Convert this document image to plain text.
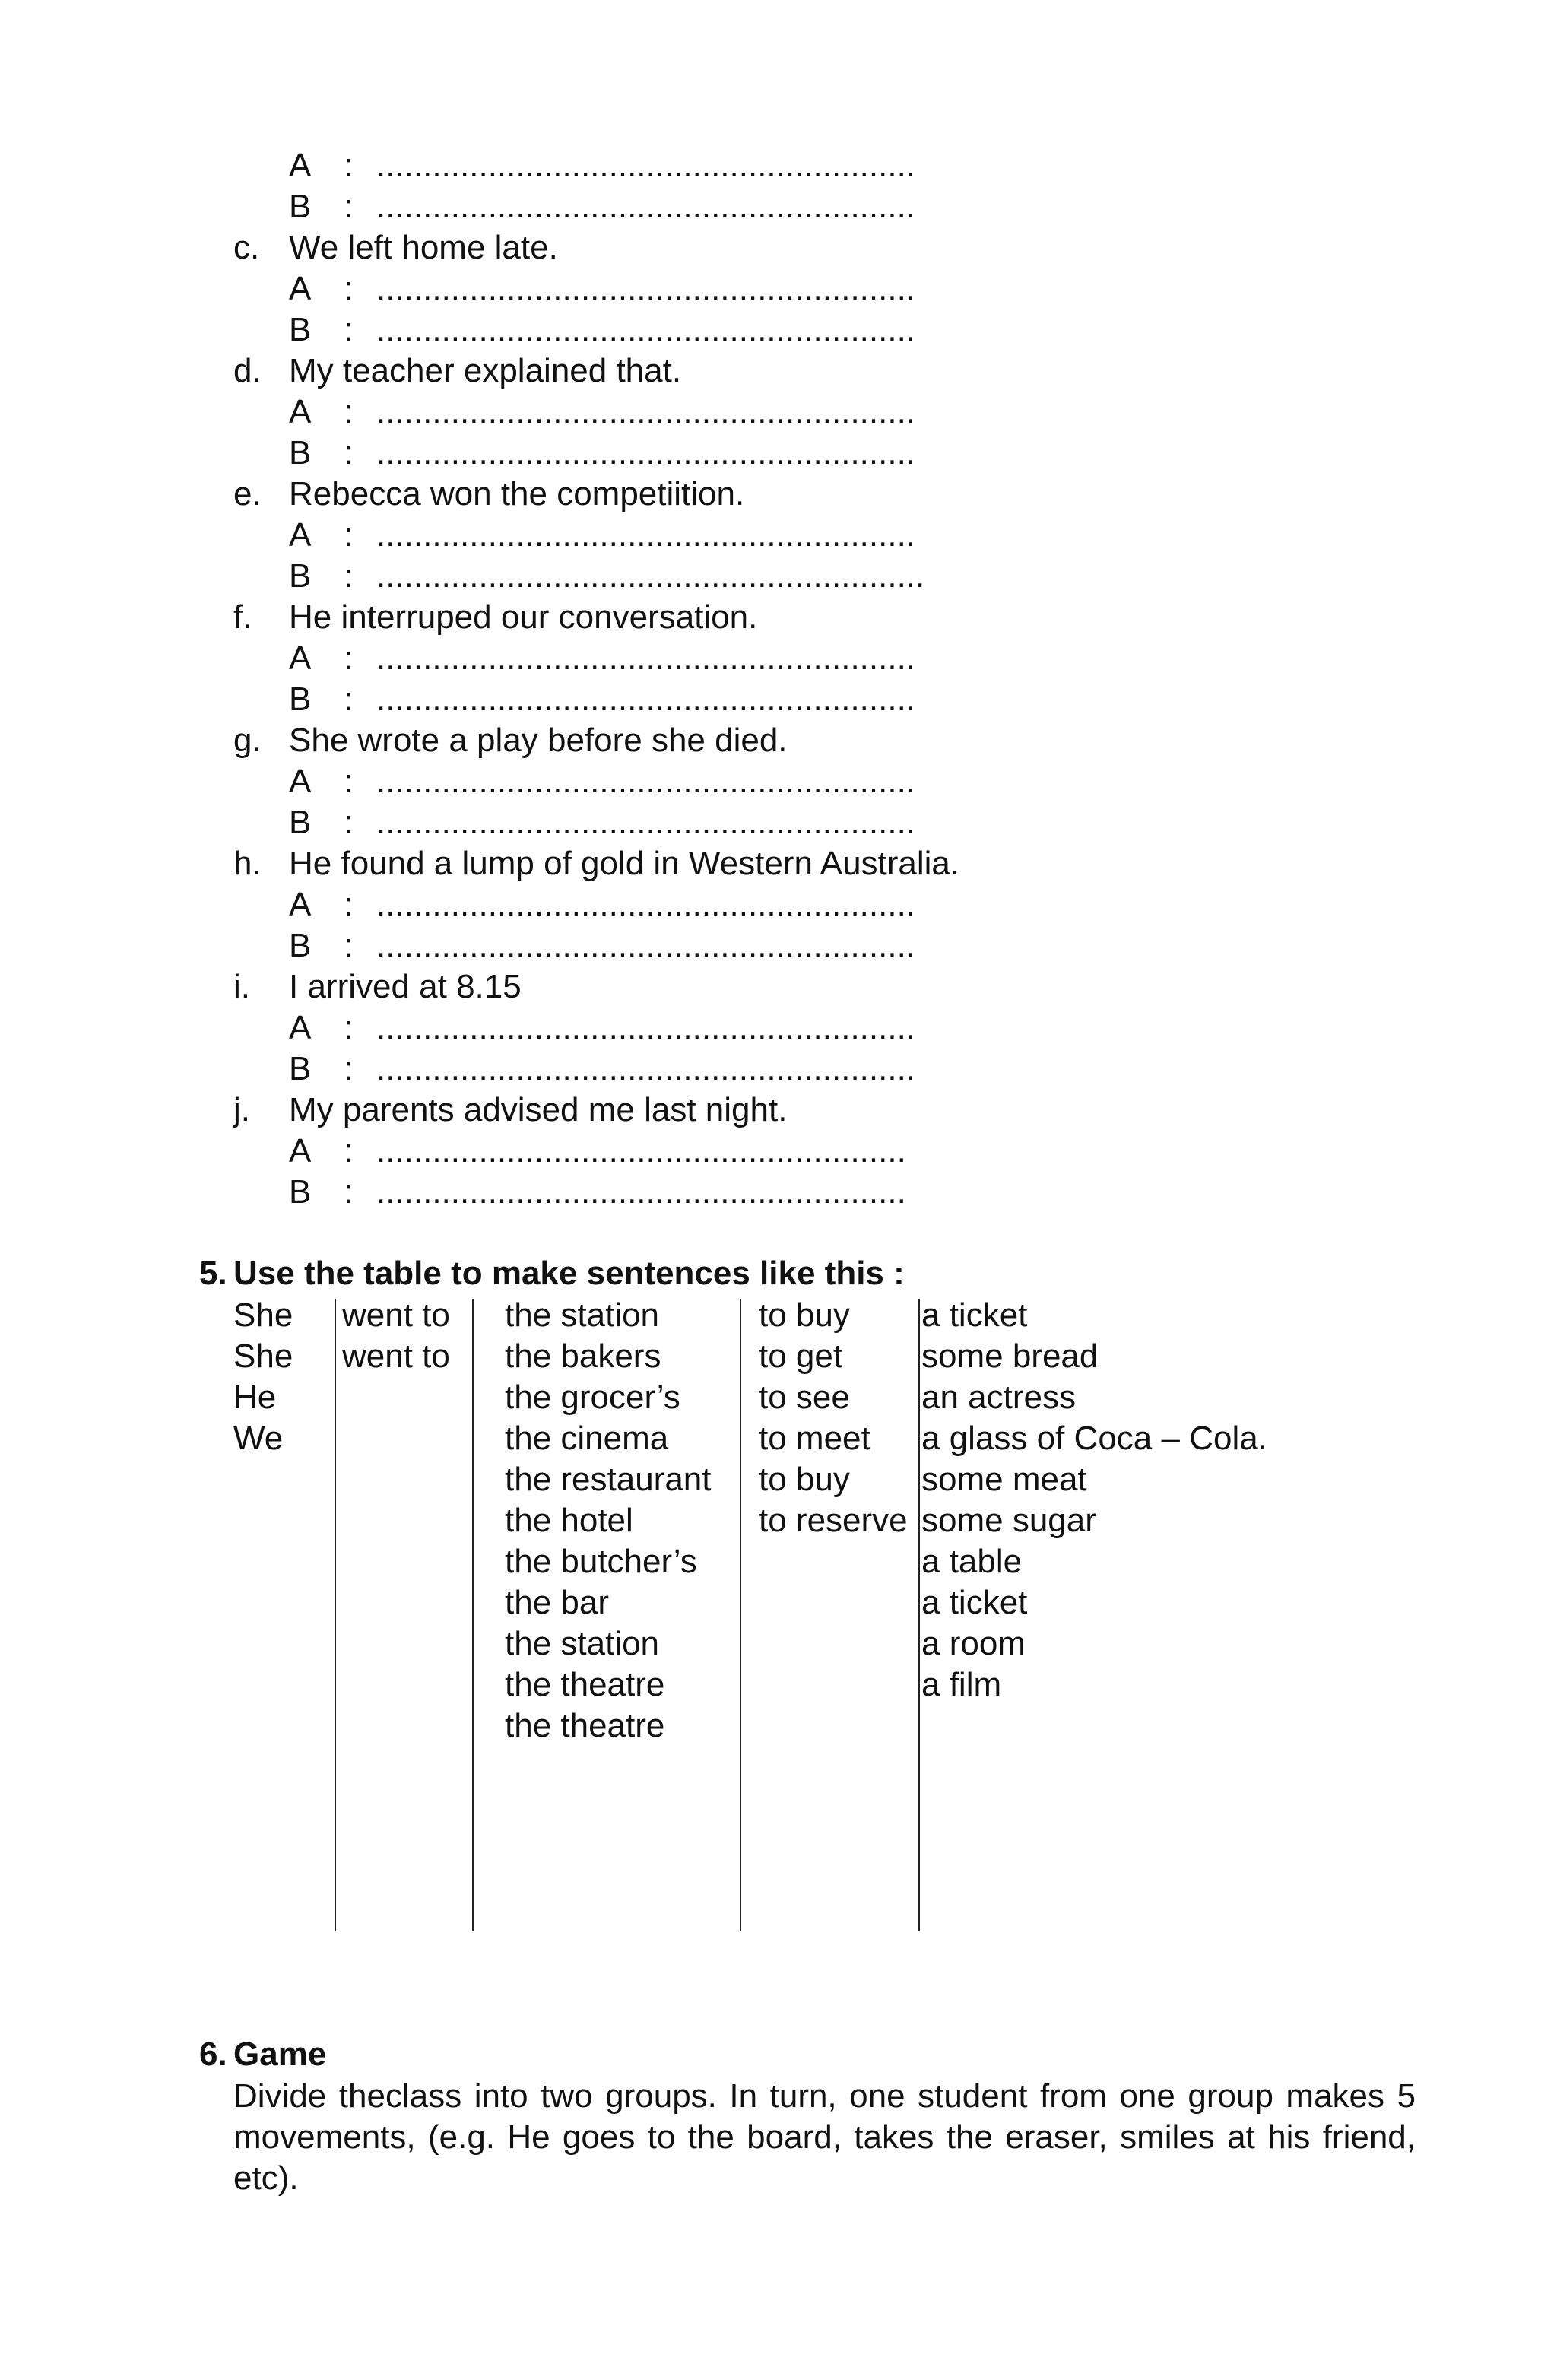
A : ..........................................................
B : ..........................................................
c. We left home late.
A : ..........................................................
B : ..........................................................
d. My teacher explained that.
A : ..........................................................
B : ..........................................................
e. Rebecca won the competiition.
A : ..........................................................
B : ...........................................................
f. He interruped our conversation.
A : ..........................................................
B : ..........................................................
g. She wrote a play before she died.
A : ..........................................................
B : ..........................................................
h. He found a lump of gold in Western Australia.
A : ..........................................................
B : ..........................................................
i. I arrived at 8.15
A : ..........................................................
B : ..........................................................
j. My parents advised me last night.
A : .........................................................
B : .........................................................
5. Use the table to make sentences like this :
She
She
He
We
went to
went to
the station
the bakers
the grocer’s
the cinema
the restaurant
the hotel
the butcher’s
the bar
the station
the theatre
the theatre
to buy
to get
to see
to meet
to buy
to reserve
a ticket
some bread
an actress
a glass of Coca – Cola.
some meat
some sugar
a table
a ticket
a room
a film
6. Game
Divide theclass into two groups. In turn, one student from one group makes 5 movements, (e.g. He goes to the board, takes the eraser, smiles at his friend, etc).
